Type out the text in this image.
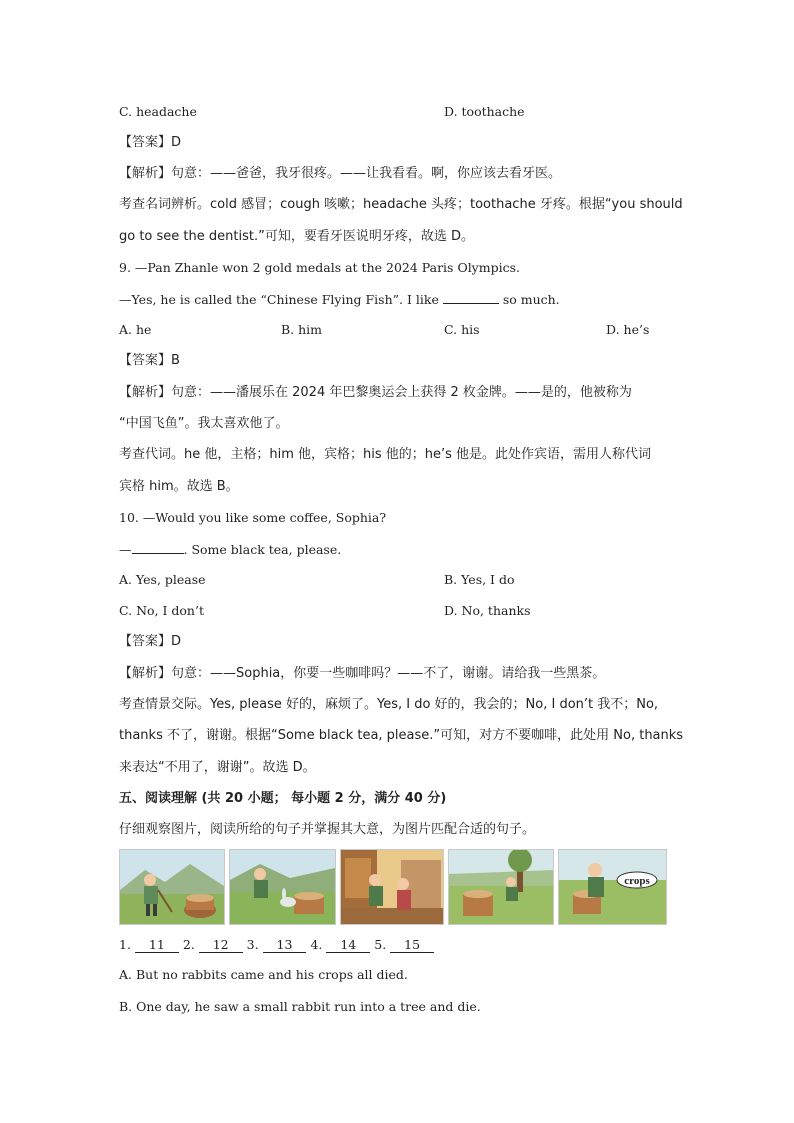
C. headache	D. toothache
【答案】D
【解析】句意：——爸爸，我牙很疼。——让我看看。啊，你应该去看牙医。
考查名词辨析。cold 感冒；cough 咳嗽；headache 头疼；toothache 牙疼。根据“you should
go to see the dentist.”可知，要看牙医说明牙疼，故选 D。
9. —Pan Zhanle won 2 gold medals at the 2024 Paris Olympics.
—Yes, he is called the “Chinese Flying Fish”. I like	so much.
A. he	B. him	C. his	D. he’s
【答案】B
【解析】句意：——潘展乐在 2024 年巴黎奥运会上获得 2 枚金牌。——是的，他被称为
“中国飞鱼”。我太喜欢他了。
考查代词。he 他，主格；him 他，宾格；his 他的；he’s 他是。此处作宾语，需用人称代词
宾格 him。故选 B。
10. —Would you like some coffee, Sophia?
—	. Some black tea, please.
A. Yes, please	B. Yes, I do
C. No, I don’t	D. No, thanks
【答案】D
【解析】句意：——Sophia，你要一些咖啡吗？——不了，谢谢。请给我一些黑茶。
考查情景交际。Yes, please 好的，麻烦了。Yes, I do 好的，我会的；No, I don’t 我不；No,
thanks 不了，谢谢。根据“Some black tea, please.”可知，对方不要咖啡，此处用 No, thanks
来表达“不用了，谢谢”。故选 D。
五、阅读理解 (共 20 小题； 每小题 2 分，满分 40 分)
仔细观察图片，阅读所给的句子并掌握其大意，为图片匹配合适的句子。
crops
1. 11 2. 12 3. 13 4. 14 5. 15
A. But no rabbits came and his crops all died.
B. One day, he saw a small rabbit run into a tree and die.
